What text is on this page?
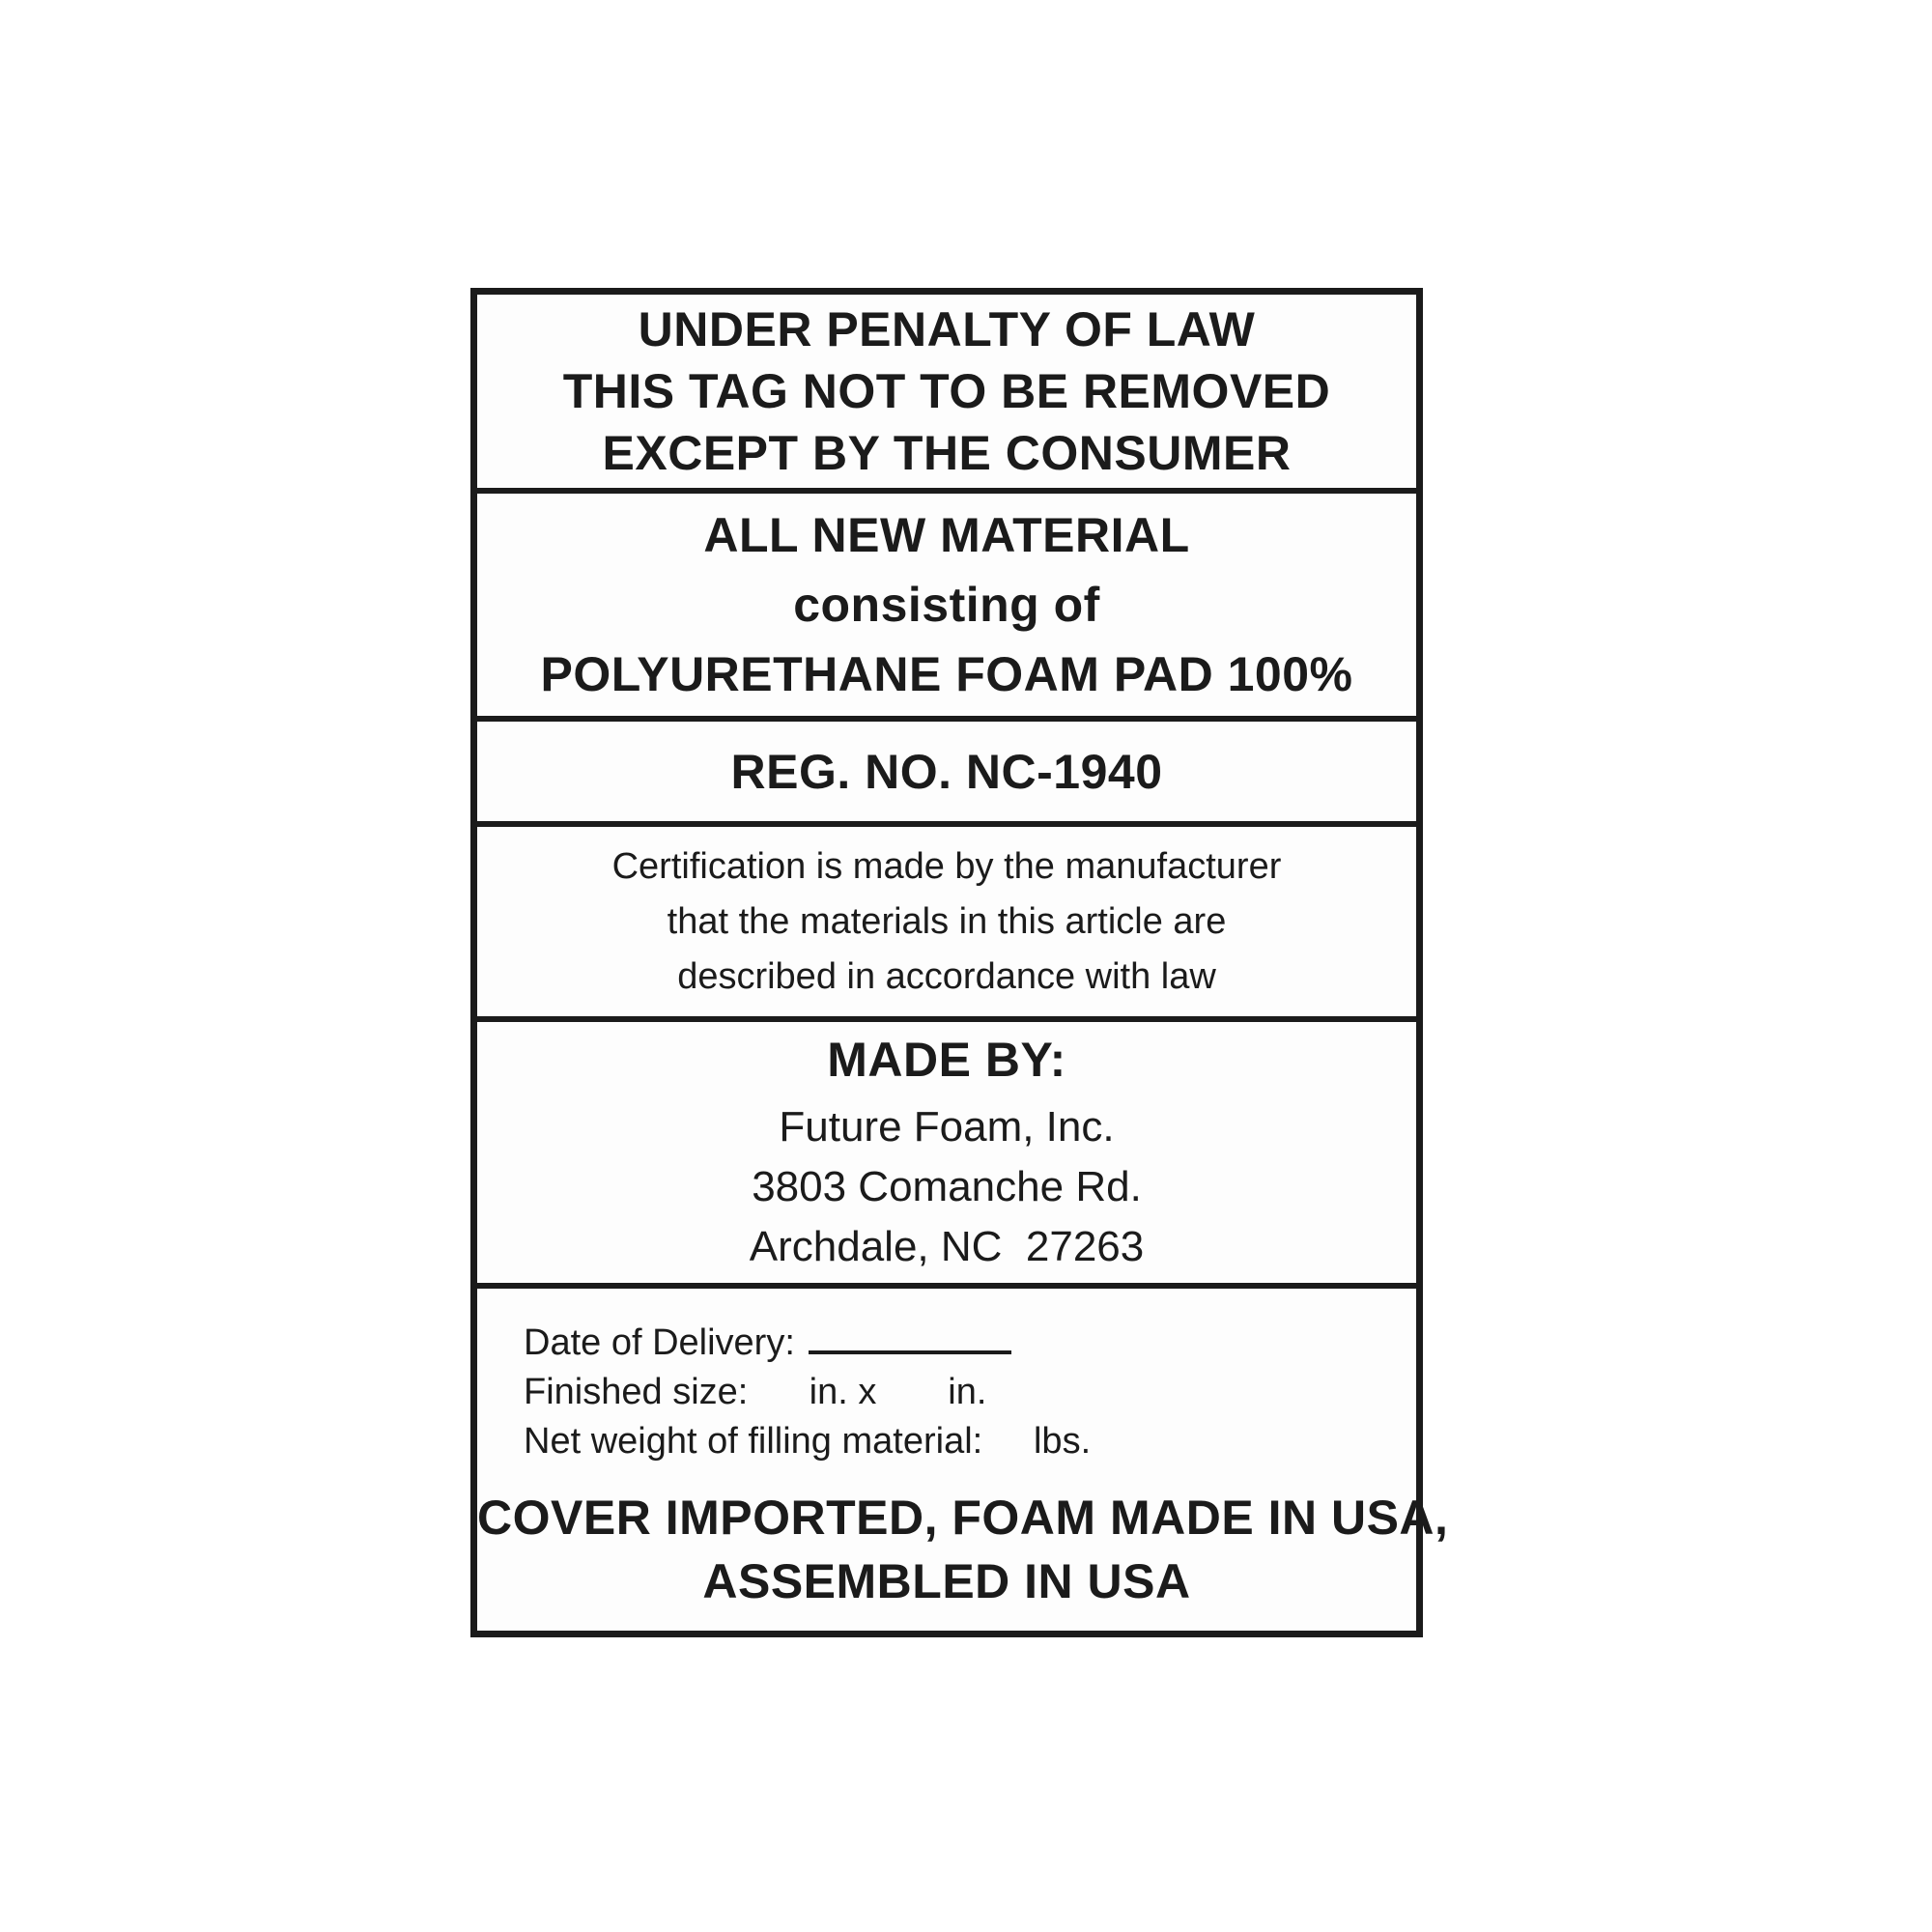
UNDER PENALTY OF LAW
THIS TAG NOT TO BE REMOVED
EXCEPT BY THE CONSUMER
ALL NEW MATERIAL
consisting of
POLYURETHANE FOAM PAD 100%
REG. NO. NC-1940
Certification is made by the manufacturer
that the materials in this article are
described in accordance with law
MADE BY:
Future Foam, Inc.
3803 Comanche Rd.
Archdale, NC  27263
Date of Delivery:
Finished size:      in. x       in.
Net weight of filling material:     lbs.
COVER IMPORTED, FOAM MADE IN USA,
ASSEMBLED IN USA
